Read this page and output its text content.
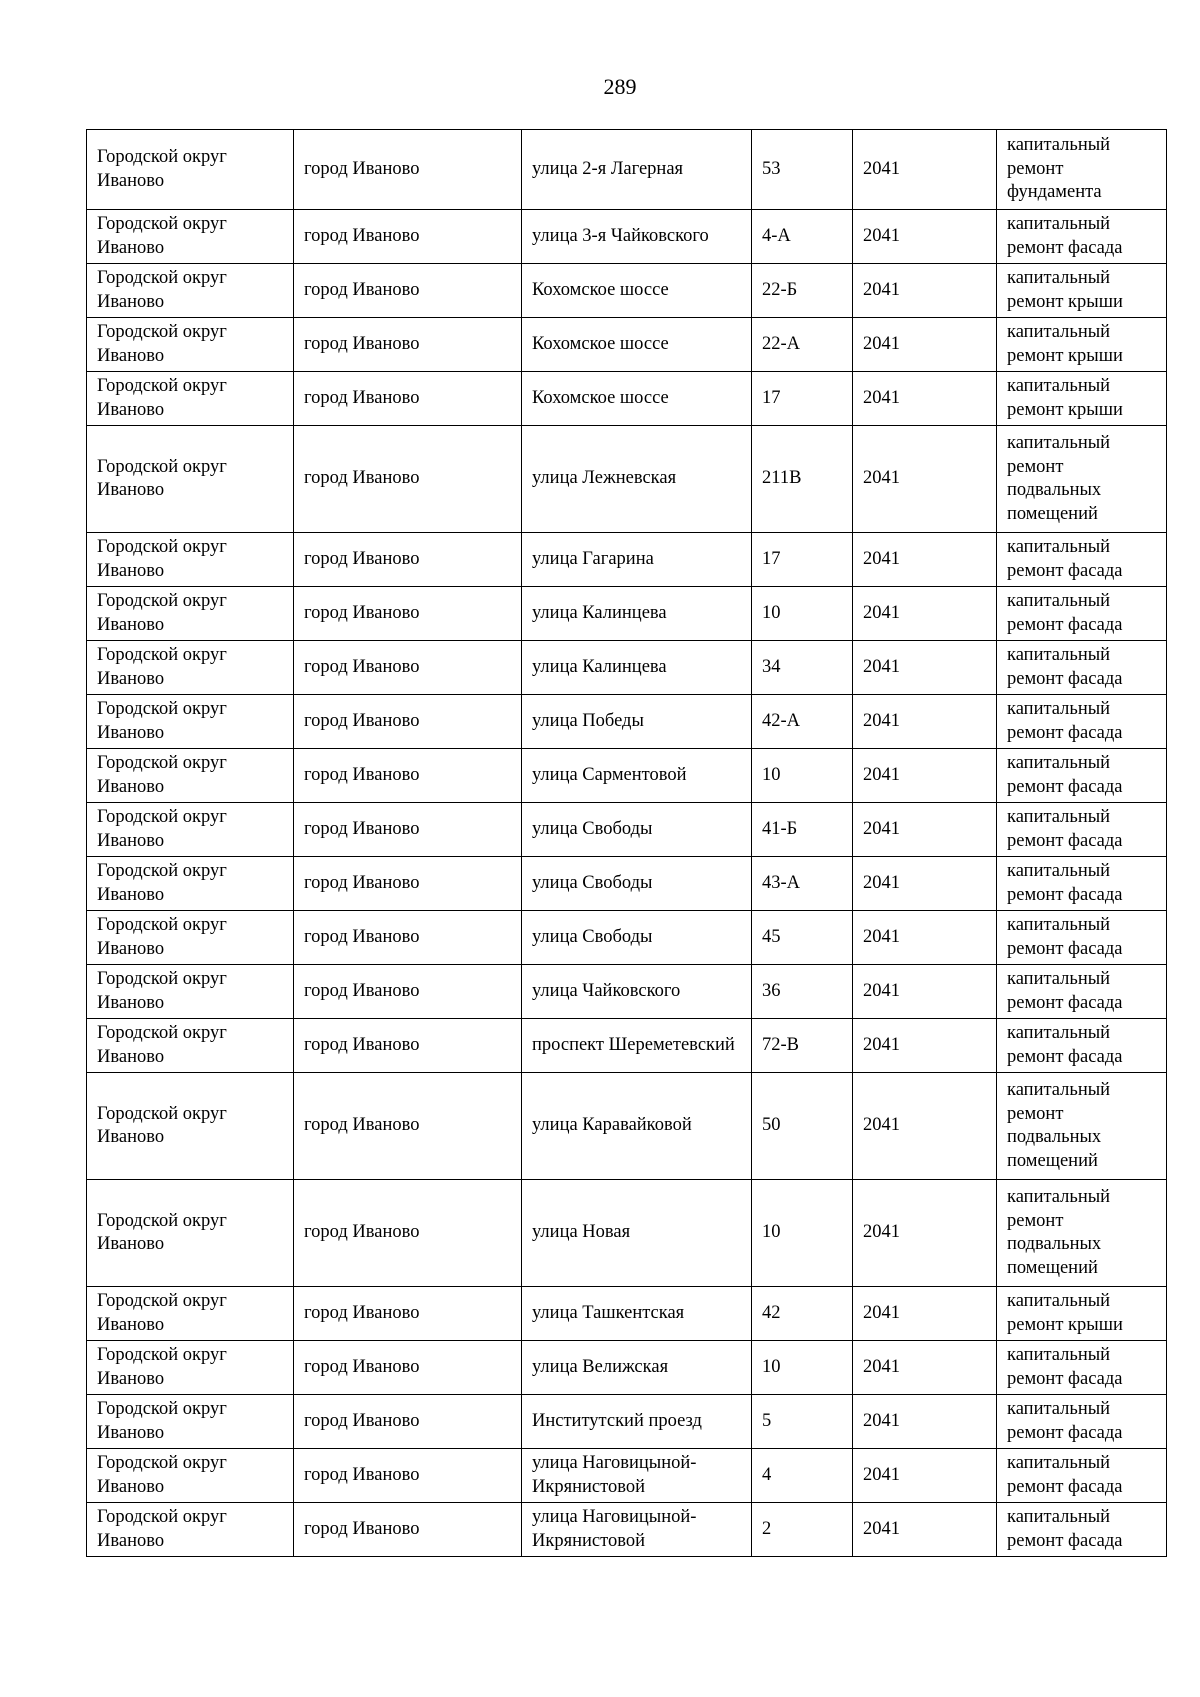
289
Городской округ Иваново	город Иваново	улица 2-я Лагерная	53	2041	капитальный ремонт фундамента
Городской округ Иваново	город Иваново	улица 3-я Чайковского	4-А	2041	капитальный ремонт фасада
Городской округ Иваново	город Иваново	Кохомское шоссе	22-Б	2041	капитальный ремонт крыши
Городской округ Иваново	город Иваново	Кохомское шоссе	22-А	2041	капитальный ремонт крыши
Городской округ Иваново	город Иваново	Кохомское шоссе	17	2041	капитальный ремонт крыши
Городской округ Иваново	город Иваново	улица Лежневская	211В	2041	капитальный ремонт подвальных помещений
Городской округ Иваново	город Иваново	улица Гагарина	17	2041	капитальный ремонт фасада
Городской округ Иваново	город Иваново	улица Калинцева	10	2041	капитальный ремонт фасада
Городской округ Иваново	город Иваново	улица Калинцева	34	2041	капитальный ремонт фасада
Городской округ Иваново	город Иваново	улица Победы	42-А	2041	капитальный ремонт фасада
Городской округ Иваново	город Иваново	улица Сарментовой	10	2041	капитальный ремонт фасада
Городской округ Иваново	город Иваново	улица Свободы	41-Б	2041	капитальный ремонт фасада
Городской округ Иваново	город Иваново	улица Свободы	43-А	2041	капитальный ремонт фасада
Городской округ Иваново	город Иваново	улица Свободы	45	2041	капитальный ремонт фасада
Городской округ Иваново	город Иваново	улица Чайковского	36	2041	капитальный ремонт фасада
Городской округ Иваново	город Иваново	проспект Шереметевский	72-В	2041	капитальный ремонт фасада
Городской округ Иваново	город Иваново	улица Каравайковой	50	2041	капитальный ремонт подвальных помещений
Городской округ Иваново	город Иваново	улица Новая	10	2041	капитальный ремонт подвальных помещений
Городской округ Иваново	город Иваново	улица Ташкентская	42	2041	капитальный ремонт крыши
Городской округ Иваново	город Иваново	улица Велижская	10	2041	капитальный ремонт фасада
Городской округ Иваново	город Иваново	Институтский проезд	5	2041	капитальный ремонт фасада
Городской округ Иваново	город Иваново	улица Наговицыной-Икрянистовой	4	2041	капитальный ремонт фасада
Городской округ Иваново	город Иваново	улица Наговицыной-Икрянистовой	2	2041	капитальный ремонт фасада
